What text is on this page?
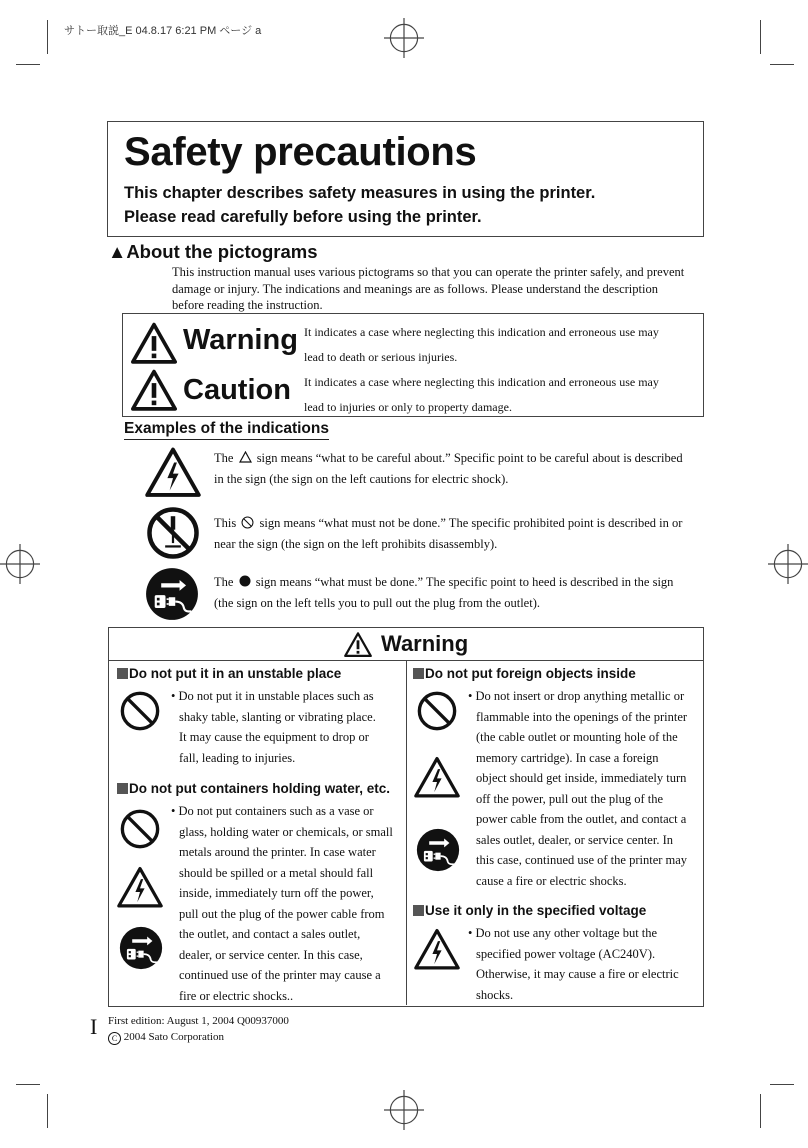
サトー取説_E 04.8.17 6:21 PM ページ a
Safety precautions
This chapter describes safety measures in using the printer.
Please read carefully before using the printer.
▲About the pictograms
This instruction manual uses various pictograms so that you can operate the printer safely, and prevent
damage or injury. The indications and meanings are as follows. Please understand the description
before reading the instruction.
Warning It indicates a case where neglecting this indication and erroneous use may
lead to death or serious injuries.
Caution It indicates a case where neglecting this indication and erroneous use may
lead to injuries or only to property damage.
Examples of the indications
The sign means “what to be careful about.” Specific point to be careful about is described
in the sign (the sign on the left cautions for electric shock).
This sign means “what must not be done.” The specific prohibited point is described in or
near the sign (the sign on the left prohibits disassembly).
The sign means “what must be done.” The specific point to heed is described in the sign
(the sign on the left tells you to pull out the plug from the outlet).
Warning
Do not put it in an unstable place
• Do not put it in unstable places such as
shaky table, slanting or vibrating place.
It may cause the equipment to drop or
fall, leading to injuries.
Do not put containers holding water, etc.
• Do not put containers such as a vase or
glass, holding water or chemicals, or small
metals around the printer. In case water
should be spilled or a metal should fall
inside, immediately turn off the power,
pull out the plug of the power cable from
the outlet, and contact a sales outlet,
dealer, or service center. In this case,
continued use of the printer may cause a
fire or electric shocks..
Do not put foreign objects inside
• Do not insert or drop anything metallic or
flammable into the openings of the printer
(the cable outlet or mounting hole of the
memory cartridge). In case a foreign
object should get inside, immediately turn
off the power, pull out the plug of the
power cable from the outlet, and contact a
sales outlet, dealer, or service center. In
this case, continued use of the printer may
cause a fire or electric shocks.
Use it only in the specified voltage
• Do not use any other voltage but the
specified power voltage (AC240V).
Otherwise, it may cause a fire or electric
shocks.
I First edition: August 1, 2004 Q00937000
C 2004 Sato Corporation
